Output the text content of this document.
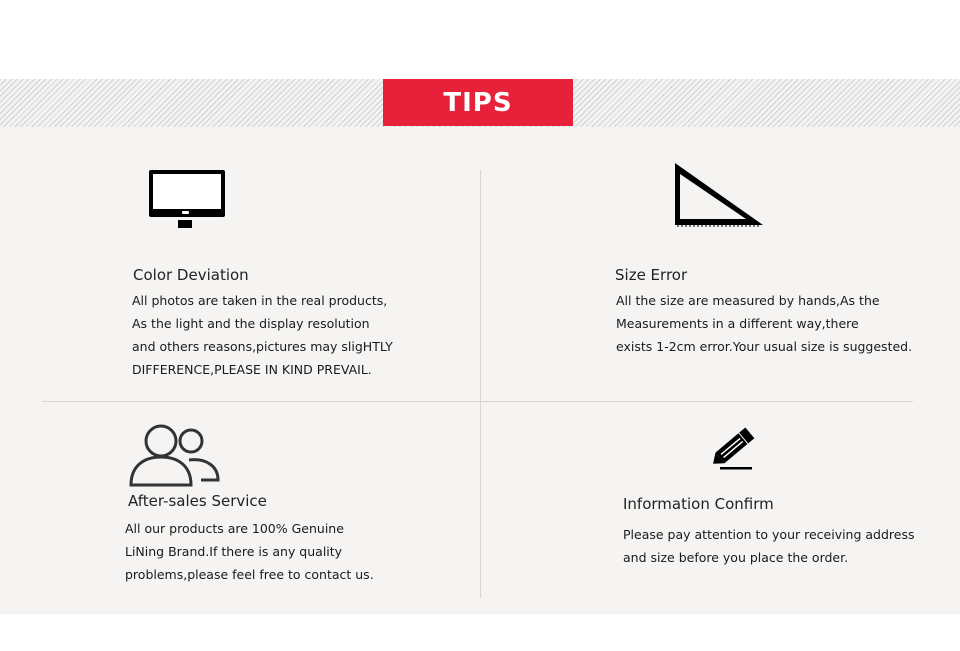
TIPS
Color Deviation
All photos are taken in the real products,
As the light and the display resolution
and others reasons,pictures may sligHTLY
DIFFERENCE,PLEASE IN KIND PREVAIL.
Size Error
All the size are measured by hands,As the
Measurements in a different way,there
exists 1-2cm error.Your usual size is suggested.
After-sales Service
All our products are 100% Genuine
LiNing Brand.If there is any quality
problems,please feel free to contact us.
Information Confirm
Please pay attention to your receiving address
and size before you place the order.
